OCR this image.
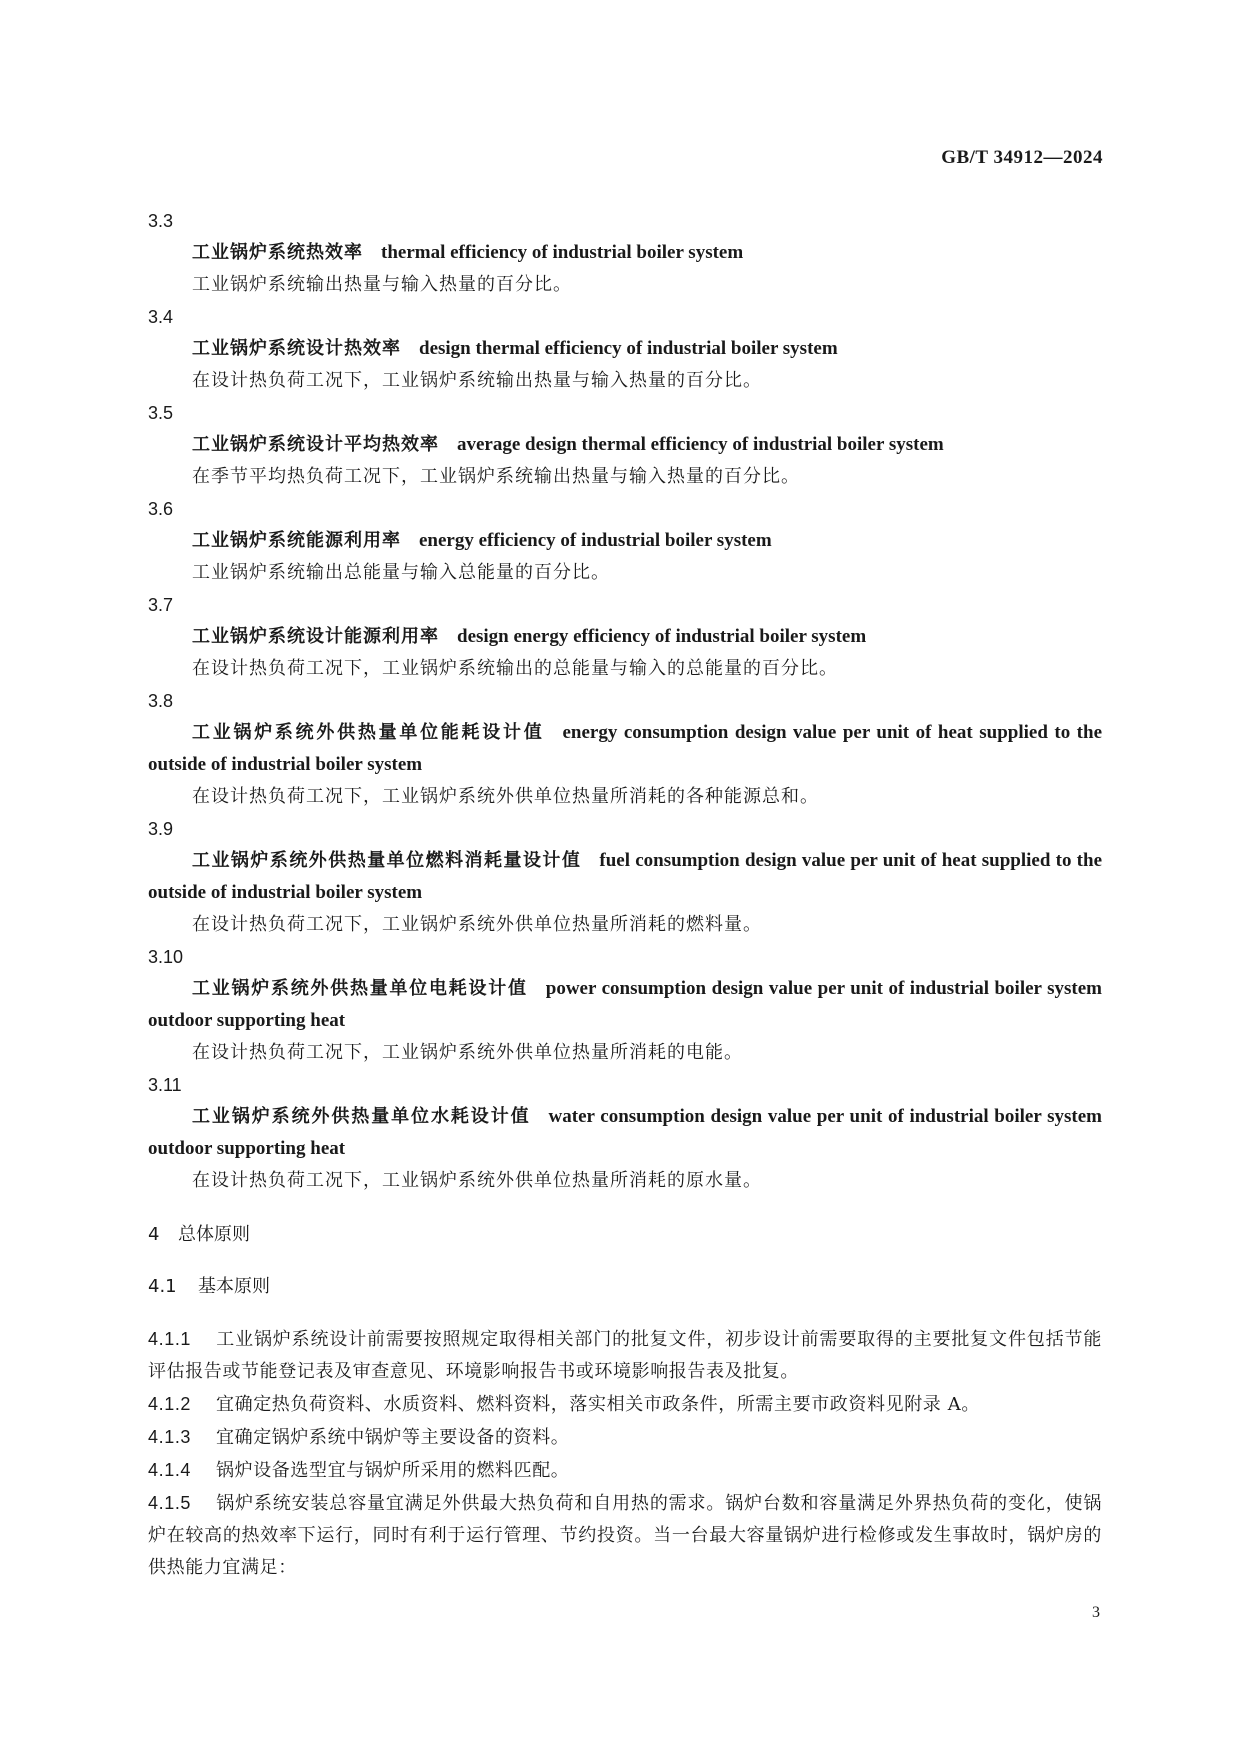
GB/T 34912—2024
3.3
工业锅炉系统热效率 thermal efficiency of industrial boiler system
工业锅炉系统输出热量与输入热量的百分比。
3.4
工业锅炉系统设计热效率 design thermal efficiency of industrial boiler system
在设计热负荷工况下，工业锅炉系统输出热量与输入热量的百分比。
3.5
工业锅炉系统设计平均热效率 average design thermal efficiency of industrial boiler system
在季节平均热负荷工况下，工业锅炉系统输出热量与输入热量的百分比。
3.6
工业锅炉系统能源利用率 energy efficiency of industrial boiler system
工业锅炉系统输出总能量与输入总能量的百分比。
3.7
工业锅炉系统设计能源利用率 design energy efficiency of industrial boiler system
在设计热负荷工况下，工业锅炉系统输出的总能量与输入的总能量的百分比。
3.8
工业锅炉系统外供热量单位能耗设计值 energy consumption design value per unit of heat supplied to the outside of industrial boiler system
在设计热负荷工况下，工业锅炉系统外供单位热量所消耗的各种能源总和。
3.9
工业锅炉系统外供热量单位燃料消耗量设计值 fuel consumption design value per unit of heat supplied to the outside of industrial boiler system
在设计热负荷工况下，工业锅炉系统外供单位热量所消耗的燃料量。
3.10
工业锅炉系统外供热量单位电耗设计值 power consumption design value per unit of industrial boiler system outdoor supporting heat
在设计热负荷工况下，工业锅炉系统外供单位热量所消耗的电能。
3.11
工业锅炉系统外供热量单位水耗设计值 water consumption design value per unit of industrial boiler system outdoor supporting heat
在设计热负荷工况下，工业锅炉系统外供单位热量所消耗的原水量。
4 总体原则
4.1 基本原则
4.1.1 工业锅炉系统设计前需要按照规定取得相关部门的批复文件，初步设计前需要取得的主要批复文件包括节能评估报告或节能登记表及审查意见、环境影响报告书或环境影响报告表及批复。
4.1.2 宜确定热负荷资料、水质资料、燃料资料，落实相关市政条件，所需主要市政资料见附录 A。
4.1.3 宜确定锅炉系统中锅炉等主要设备的资料。
4.1.4 锅炉设备选型宜与锅炉所采用的燃料匹配。
4.1.5 锅炉系统安装总容量宜满足外供最大热负荷和自用热的需求。锅炉台数和容量满足外界热负荷的变化，使锅炉在较高的热效率下运行，同时有利于运行管理、节约投资。当一台最大容量锅炉进行检修或发生事故时，锅炉房的供热能力宜满足：
3
